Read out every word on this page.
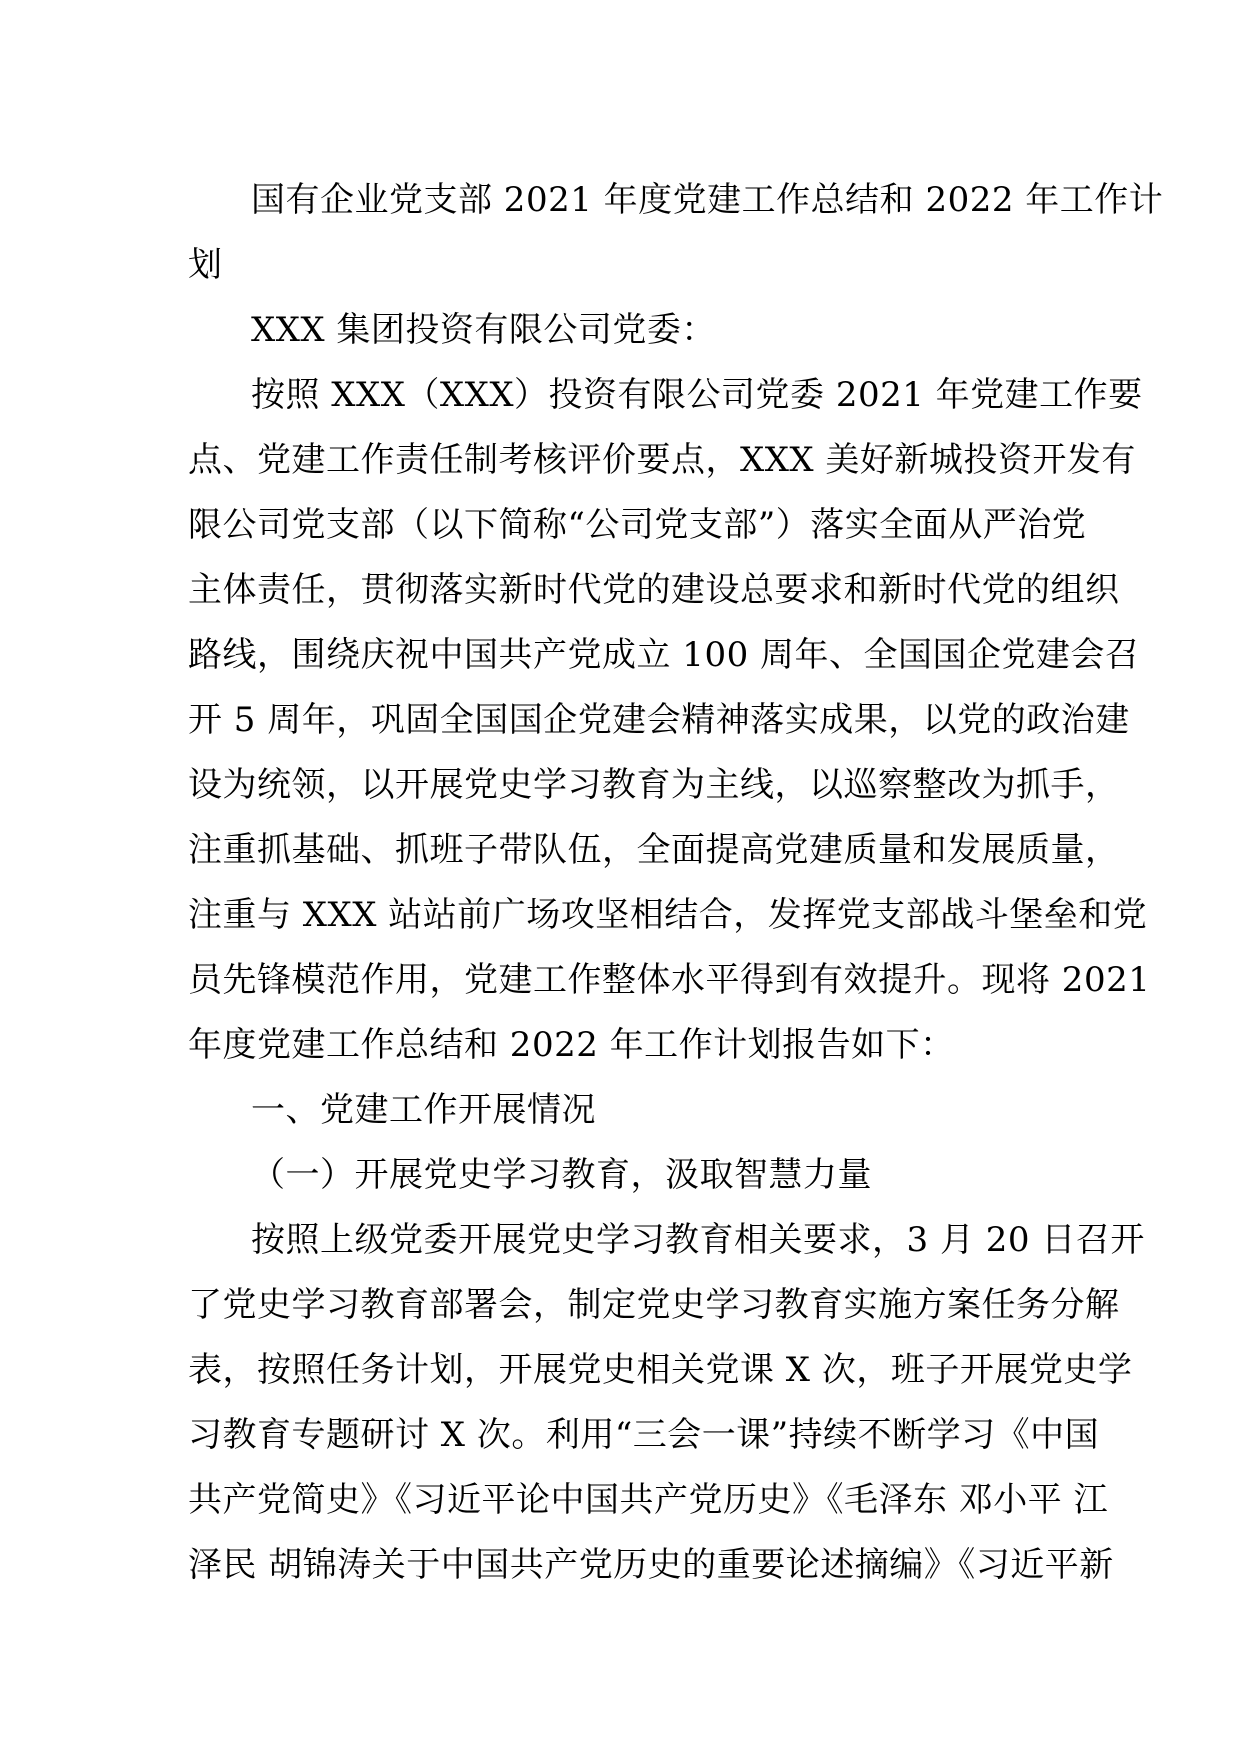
国有企业党支部 2021 年度党建工作总结和 2022 年工作计
划
XXX 集团投资有限公司党委：
按照 XXX（XXX）投资有限公司党委 2021 年党建工作要
点、党建工作责任制考核评价要点，XXX 美好新城投资开发有
限公司党支部（以下简称“公司党支部”）落实全面从严治党
主体责任，贯彻落实新时代党的建设总要求和新时代党的组织
路线，围绕庆祝中国共产党成立 100 周年、全国国企党建会召
开 5 周年，巩固全国国企党建会精神落实成果，以党的政治建
设为统领，以开展党史学习教育为主线，以巡察整改为抓手，
注重抓基础、抓班子带队伍，全面提高党建质量和发展质量，
注重与 XXX 站站前广场攻坚相结合，发挥党支部战斗堡垒和党
员先锋模范作用，党建工作整体水平得到有效提升。现将 2021
年度党建工作总结和 2022 年工作计划报告如下：
一、党建工作开展情况
（一）开展党史学习教育，汲取智慧力量
按照上级党委开展党史学习教育相关要求，3 月 20 日召开
了党史学习教育部署会，制定党史学习教育实施方案任务分解
表，按照任务计划，开展党史相关党课 X 次，班子开展党史学
习教育专题研讨 X 次。利用“三会一课”持续不断学习《中国
共产党简史》《习近平论中国共产党历史》《毛泽东 邓小平 江
泽民 胡锦涛关于中国共产党历史的重要论述摘编》《习近平新
